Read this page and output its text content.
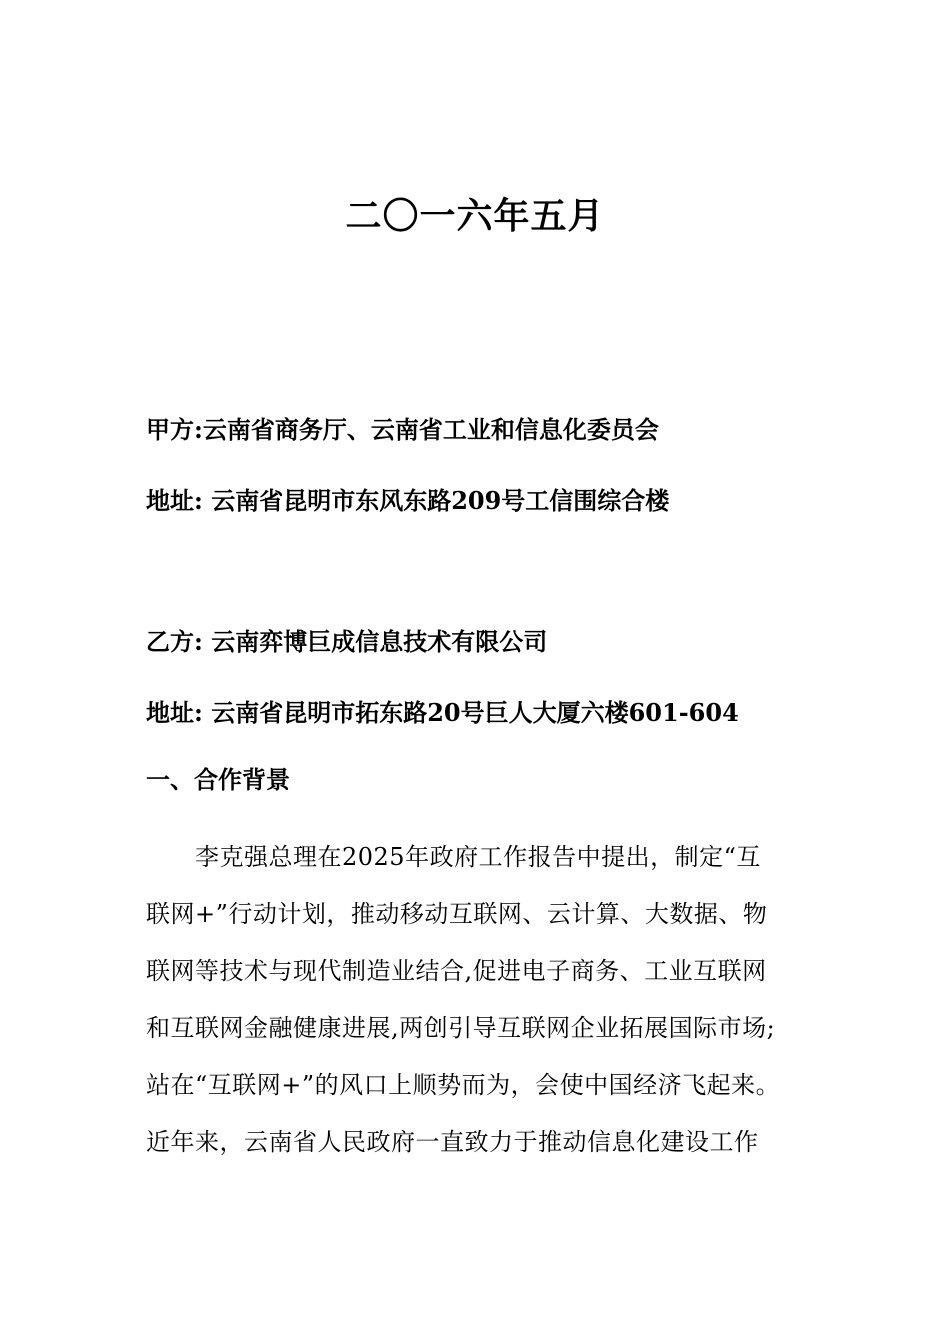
二〇一六年五月
甲方:云南省商务厅、云南省工业和信息化委员会
地址: 云南省昆明市东风东路209号工信围综合楼
乙方: 云南弈博巨成信息技术有限公司
地址: 云南省昆明市拓东路20号巨人大厦六楼601-604
一、合作背景
李克强总理在2025年政府工作报告中提出，制定“互
联网+”行动计划，推动移动互联网、云计算、大数据、物
联网等技术与现代制造业结合,促进电子商务、工业互联网
和互联网金融健康进展,两创引导互联网企业拓展国际市场;
站在“互联网+”的风口上顺势而为，会使中国经济飞起来。
近年来，云南省人民政府一直致力于推动信息化建设工作
